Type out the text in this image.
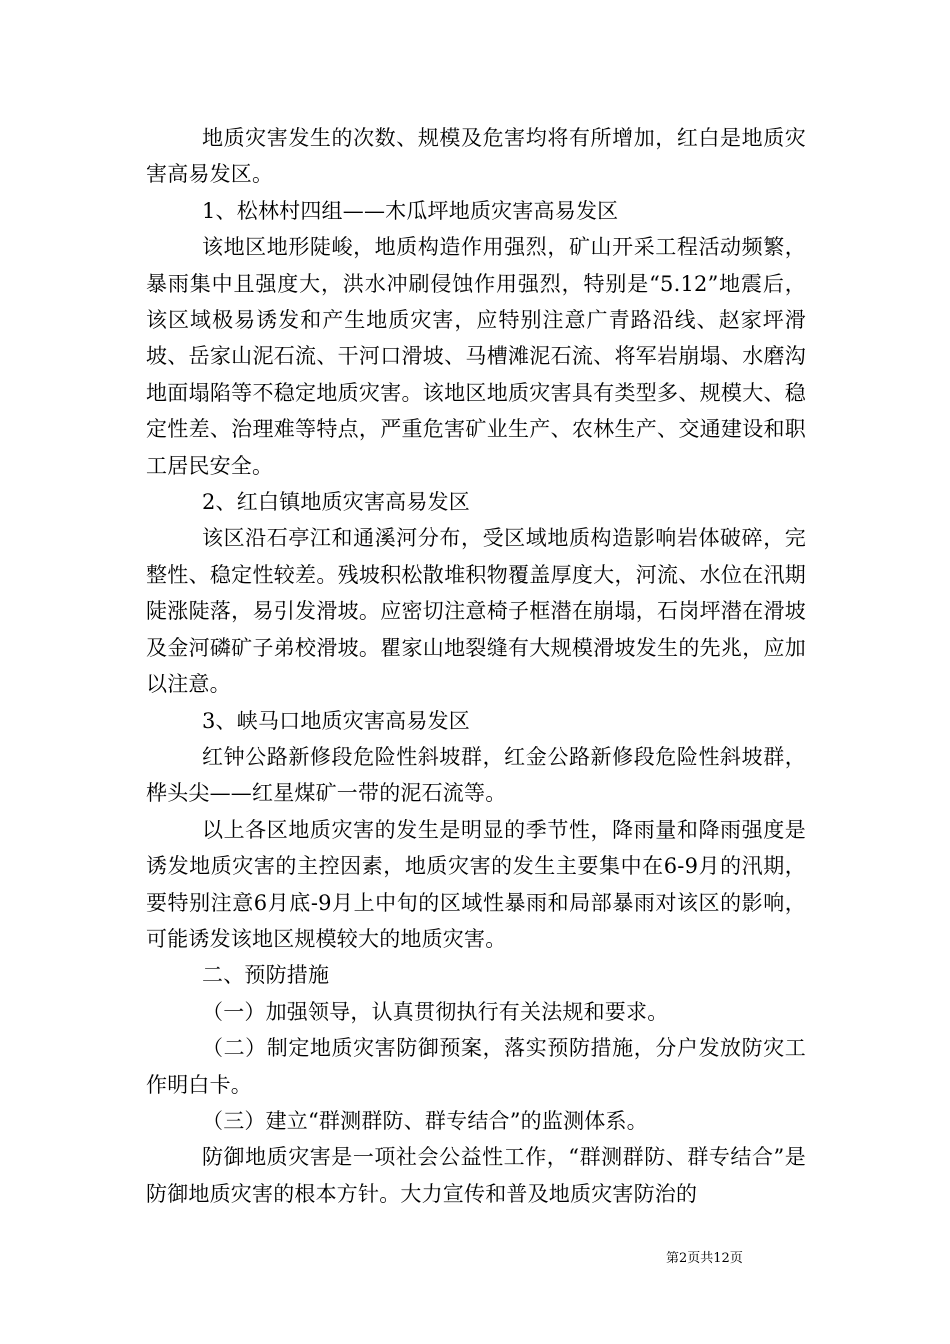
地质灾害发生的次数、规模及危害均将有所增加，红白是地质灾害高易发区。

1、松林村四组——木瓜坪地质灾害高易发区

该地区地形陡峻，地质构造作用强烈，矿山开采工程活动频繁，暴雨集中且强度大，洪水冲刷侵蚀作用强烈，特别是“5.12”地震后，该区域极易诱发和产生地质灾害，应特别注意广青路沿线、赵家坪滑坡、岳家山泥石流、干河口滑坡、马槽滩泥石流、将军岩崩塌、水磨沟地面塌陷等不稳定地质灾害。该地区地质灾害具有类型多、规模大、稳定性差、治理难等特点，严重危害矿业生产、农林生产、交通建设和职工居民安全。

2、红白镇地质灾害高易发区

该区沿石亭江和通溪河分布，受区域地质构造影响岩体破碎，完整性、稳定性较差。残坡积松散堆积物覆盖厚度大，河流、水位在汛期陡涨陡落，易引发滑坡。应密切注意椅子框潜在崩塌，石岗坪潜在滑坡及金河磷矿子弟校滑坡。瞿家山地裂缝有大规模滑坡发生的先兆，应加以注意。

3、峡马口地质灾害高易发区

红钟公路新修段危险性斜坡群，红金公路新修段危险性斜坡群，桦头尖——红星煤矿一带的泥石流等。

以上各区地质灾害的发生是明显的季节性，降雨量和降雨强度是诱发地质灾害的主控因素，地质灾害的发生主要集中在6-9月的汛期，要特别注意6月底-9月上中旬的区域性暴雨和局部暴雨对该区的影响，可能诱发该地区规模较大的地质灾害。

二、预防措施

（一）加强领导，认真贯彻执行有关法规和要求。

（二）制定地质灾害防御预案，落实预防措施，分户发放防灾工作明白卡。

（三）建立“群测群防、群专结合”的监测体系。

防御地质灾害是一项社会公益性工作，“群测群防、群专结合”是防御地质灾害的根本方针。大力宣传和普及地质灾害防治的

第2页共12页
